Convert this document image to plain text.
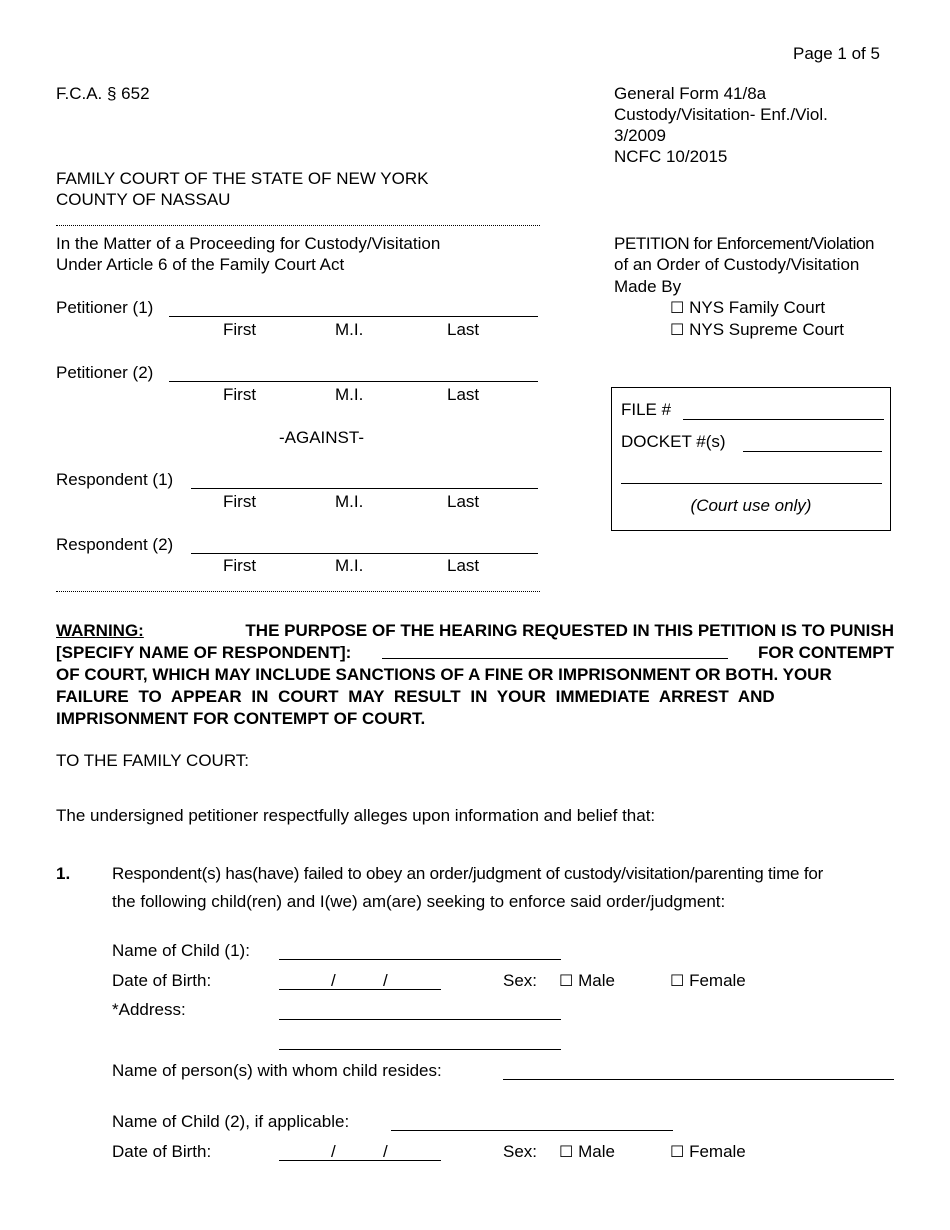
Page 1 of 5
F.C.A. § 652	General Form 41/8a
Custody/Visitation- Enf./Viol.
3/2009
NCFC 10/2015
FAMILY COURT OF THE STATE OF NEW YORK
COUNTY OF NASSAU
In the Matter of a Proceeding for Custody/Visitation
Under Article 6 of the Family Court Act
PETITION for Enforcement/Violation
of an Order of Custody/Visitation
Made By
☐ NYS Family Court
☐ NYS Supreme Court
Petitioner (1)
First	M.I.	Last
Petitioner (2)
First	M.I.	Last
-AGAINST-
Respondent (1)
First	M.I.	Last
Respondent (2)
First	M.I.	Last
FILE #
DOCKET #(s)
(Court use only)
WARNING:	THE PURPOSE OF THE HEARING REQUESTED IN THIS PETITION IS TO PUNISH
[SPECIFY NAME OF RESPONDENT]:	FOR CONTEMPT
OF COURT, WHICH MAY INCLUDE SANCTIONS OF A FINE OR IMPRISONMENT OR BOTH. YOUR
FAILURE TO APPEAR IN COURT MAY RESULT IN YOUR IMMEDIATE ARREST AND
IMPRISONMENT FOR CONTEMPT OF COURT.
TO THE FAMILY COURT:
The undersigned petitioner respectfully alleges upon information and belief that:
1. Respondent(s) has(have) failed to obey an order/judgment of custody/visitation/parenting time for
the following child(ren) and I(we) am(are) seeking to enforce said order/judgment:
Name of Child (1):
Date of Birth:	/	/	Sex: ☐ Male	☐ Female
*Address:
Name of person(s) with whom child resides:
Name of Child (2), if applicable:
Date of Birth:	/	/	Sex: ☐ Male	☐ Female
